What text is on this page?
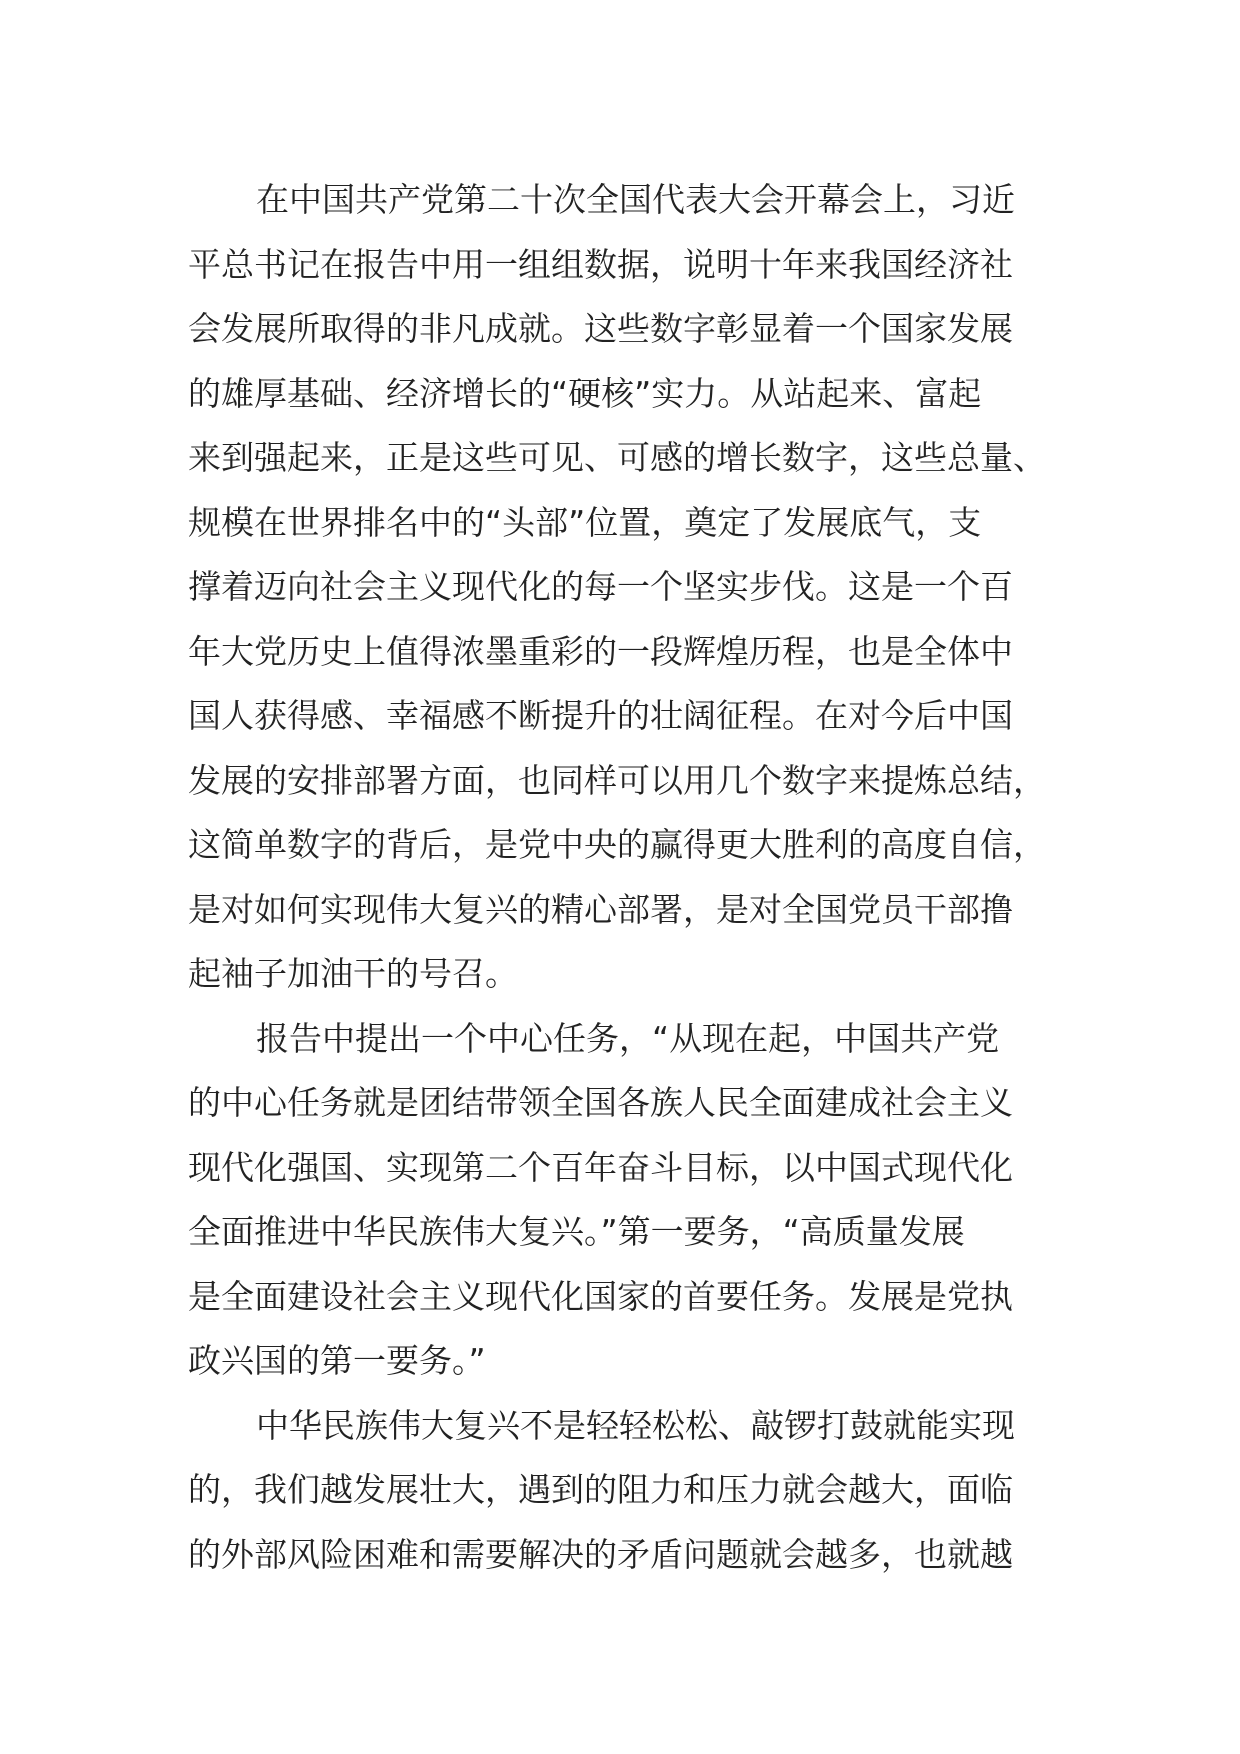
在中国共产党第二十次全国代表大会开幕会上，习近
平总书记在报告中用一组组数据，说明十年来我国经济社
会发展所取得的非凡成就。这些数字彰显着一个国家发展
的雄厚基础、经济增长的“硬核”实力。从站起来、富起
来到强起来，正是这些可见、可感的增长数字，这些总量、
规模在世界排名中的“头部”位置，奠定了发展底气，支
撑着迈向社会主义现代化的每一个坚实步伐。这是一个百
年大党历史上值得浓墨重彩的一段辉煌历程，也是全体中
国人获得感、幸福感不断提升的壮阔征程。在对今后中国
发展的安排部署方面，也同样可以用几个数字来提炼总结，
这简单数字的背后，是党中央的赢得更大胜利的高度自信，
是对如何实现伟大复兴的精心部署，是对全国党员干部撸
起袖子加油干的号召。
报告中提出一个中心任务，“从现在起，中国共产党
的中心任务就是团结带领全国各族人民全面建成社会主义
现代化强国、实现第二个百年奋斗目标，以中国式现代化
全面推进中华民族伟大复兴。”第一要务，“高质量发展
是全面建设社会主义现代化国家的首要任务。发展是党执
政兴国的第一要务。”
中华民族伟大复兴不是轻轻松松、敲锣打鼓就能实现
的，我们越发展壮大，遇到的阻力和压力就会越大，面临
的外部风险困难和需要解决的矛盾问题就会越多，也就越
